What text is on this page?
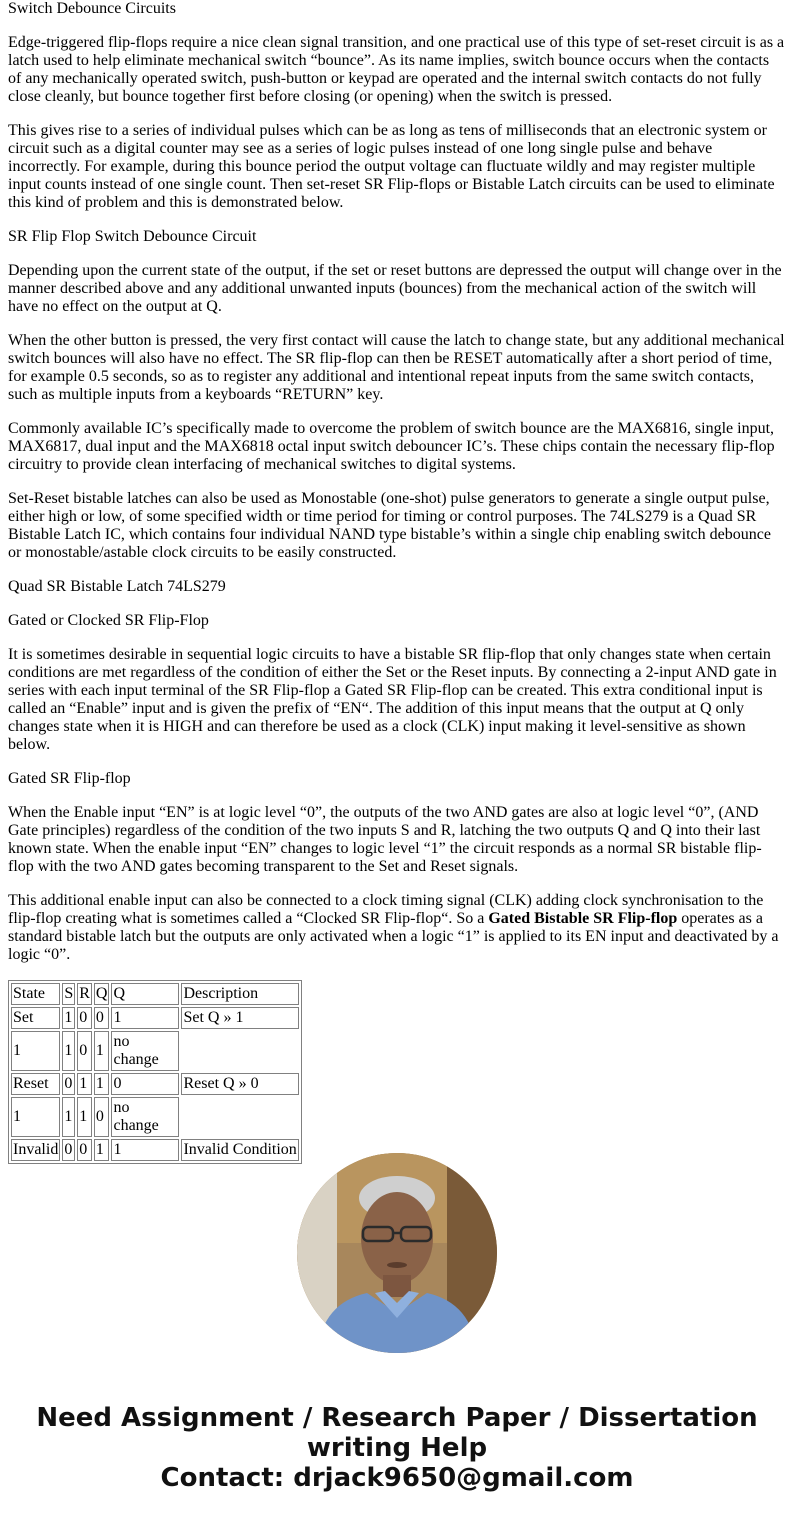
Switch Debounce Circuits

Edge-triggered flip-flops require a nice clean signal transition, and one practical use of this type of set-reset circuit is as a latch used to help eliminate mechanical switch “bounce”. As its name implies, switch bounce occurs when the contacts of any mechanically operated switch, push-button or keypad are operated and the internal switch contacts do not fully close cleanly, but bounce together first before closing (or opening) when the switch is pressed.

This gives rise to a series of individual pulses which can be as long as tens of milliseconds that an electronic system or circuit such as a digital counter may see as a series of logic pulses instead of one long single pulse and behave incorrectly. For example, during this bounce period the output voltage can fluctuate wildly and may register multiple input counts instead of one single count. Then set-reset SR Flip-flops or Bistable Latch circuits can be used to eliminate this kind of problem and this is demonstrated below.

SR Flip Flop Switch Debounce Circuit

Depending upon the current state of the output, if the set or reset buttons are depressed the output will change over in the manner described above and any additional unwanted inputs (bounces) from the mechanical action of the switch will have no effect on the output at Q.

When the other button is pressed, the very first contact will cause the latch to change state, but any additional mechanical switch bounces will also have no effect. The SR flip-flop can then be RESET automatically after a short period of time, for example 0.5 seconds, so as to register any additional and intentional repeat inputs from the same switch contacts, such as multiple inputs from a keyboards “RETURN” key.

Commonly available IC’s specifically made to overcome the problem of switch bounce are the MAX6816, single input, MAX6817, dual input and the MAX6818 octal input switch debouncer IC’s. These chips contain the necessary flip-flop circuitry to provide clean interfacing of mechanical switches to digital systems.

Set-Reset bistable latches can also be used as Monostable (one-shot) pulse generators to generate a single output pulse, either high or low, of some specified width or time period for timing or control purposes. The 74LS279 is a Quad SR Bistable Latch IC, which contains four individual NAND type bistable’s within a single chip enabling switch debounce or monostable/astable clock circuits to be easily constructed.

Quad SR Bistable Latch 74LS279
Gated or Clocked SR Flip-Flop

It is sometimes desirable in sequential logic circuits to have a bistable SR flip-flop that only changes state when certain conditions are met regardless of the condition of either the Set or the Reset inputs. By connecting a 2-input AND gate in series with each input terminal of the SR Flip-flop a Gated SR Flip-flop can be created. This extra conditional input is called an “Enable” input and is given the prefix of “EN“. The addition of this input means that the output at Q only changes state when it is HIGH and can therefore be used as a clock (CLK) input making it level-sensitive as shown below.

Gated SR Flip-flop

When the Enable input “EN” is at logic level “0”, the outputs of the two AND gates are also at logic level “0”, (AND Gate principles) regardless of the condition of the two inputs S and R, latching the two outputs Q and Q into their last known state. When the enable input “EN” changes to logic level “1” the circuit responds as a normal SR bistable flip-flop with the two AND gates becoming transparent to the Set and Reset signals.

This additional enable input can also be connected to a clock timing signal (CLK) adding clock synchronisation to the flip-flop creating what is sometimes called a “Clocked SR Flip-flop“. So a Gated Bistable SR Flip-flop operates as a standard bistable latch but the outputs are only activated when a logic “1” is applied to its EN input and deactivated by a logic “0”.

State	S	R	Q	Q	Description
Set	1	0	0	1	Set Q » 1
1	1	0	1	no change	
Reset	0	1	1	0	Reset Q » 0
1	1	1	0	no change	
Invalid	0	0	1	1	Invalid Condition
Need Assignment / Research Paper / Dissertation
writing Help
Contact: drjack9650@gmail.com
